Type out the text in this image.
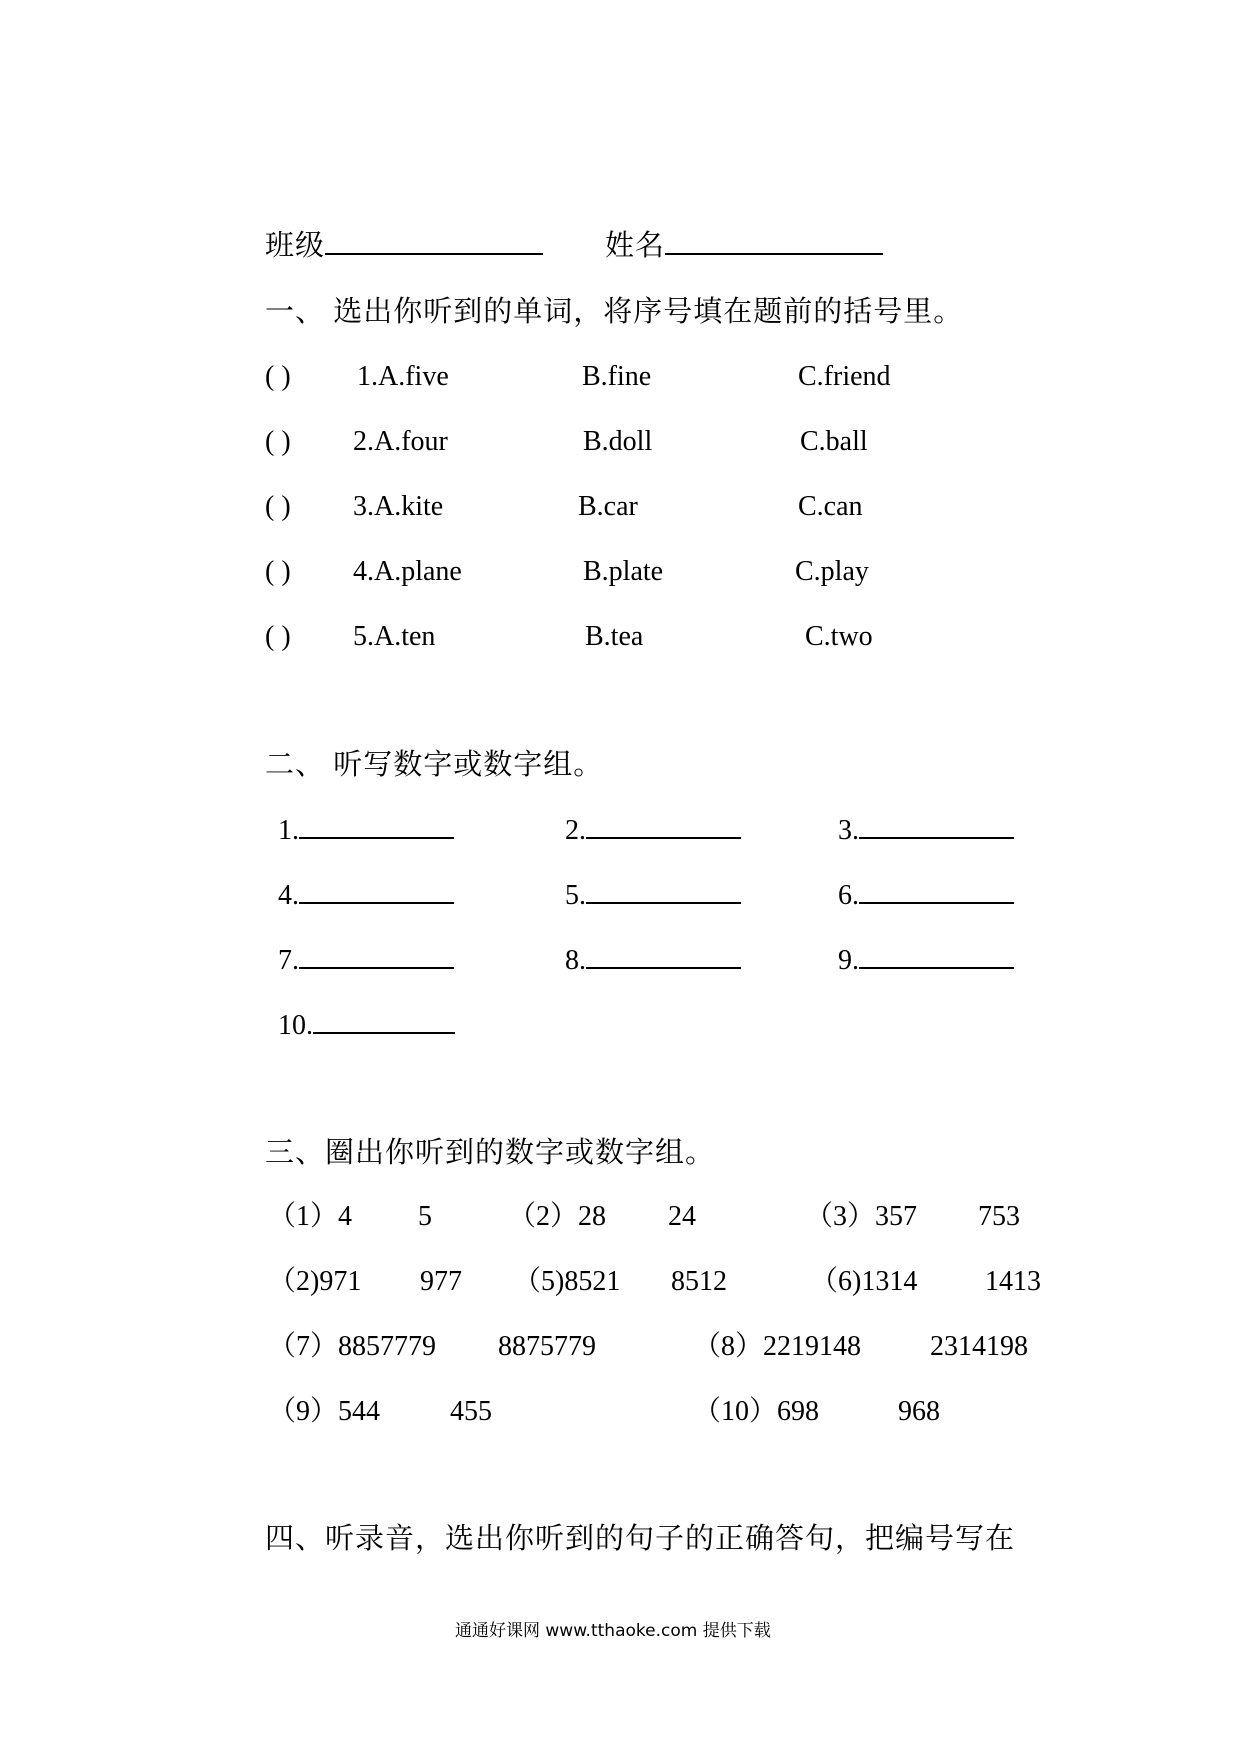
班级	姓名
一、 选出你听到的单词，将序号填在题前的括号里。
( ) 1.A.five	B.fine	C.friend
( ) 2.A.four	B.doll	C.ball
( ) 3.A.kite	B.car	C.can
( ) 4.A.plane	B.plate	C.play
( ) 5.A.ten	B.tea	C.two
二、 听写数字或数字组。
1.	2.	3.
4.	5.	6.
7.	8.	9.
10.
三、圈出你听到的数字或数字组。
（1）4 5	（2）28 24	（3）357 753
（2)971 977 （5)8521 8512	（6)1314 1413
（7）8857779 8875779	（8）2219148 2314198
（9）544 455	（10）698	968
四、听录音，选出你听到的句子的正确答句，把编号写在
通通好课网 www.tthaoke.com 提供下载
